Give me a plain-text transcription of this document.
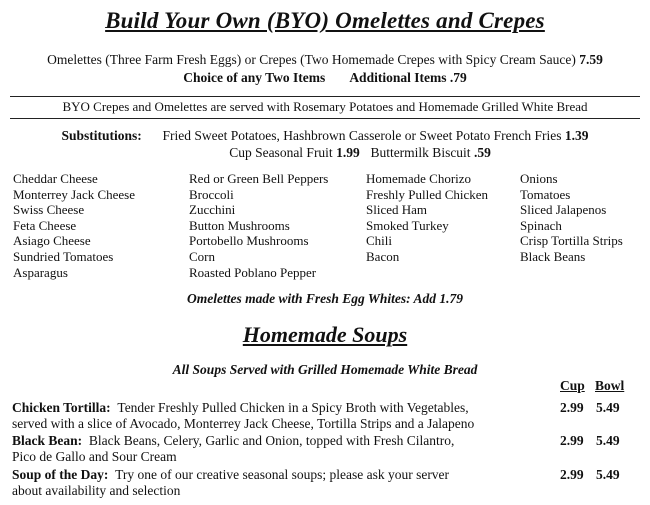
Build Your Own (BYO) Omelettes and Crepes
Omelettes (Three Farm Fresh Eggs) or Crepes (Two Homemade Crepes with Spicy Cream Sauce) 7.59
Choice of any Two Items Additional Items .79
BYO Crepes and Omelettes are served with Rosemary Potatoes and Homemade Grilled White Bread
Substitutions: Fried Sweet Potatoes, Hashbrown Casserole or Sweet Potato French Fries 1.39
Cup Seasonal Fruit 1.99 Buttermilk Biscuit .59
Cheddar Cheese
Monterrey Jack Cheese
Swiss Cheese
Feta Cheese
Asiago Cheese
Sundried Tomatoes
Asparagus
Red or Green Bell Peppers
Broccoli
Zucchini
Button Mushrooms
Portobello Mushrooms
Corn
Roasted Poblano Pepper
Homemade Chorizo
Freshly Pulled Chicken
Sliced Ham
Smoked Turkey
Chili
Bacon
Onions
Tomatoes
Sliced Jalapenos
Spinach
Crisp Tortilla Strips
Black Beans
Omelettes made with Fresh Egg Whites: Add 1.79
Homemade Soups
All Soups Served with Grilled Homemade White Bread
Cup Bowl
Chicken Tortilla: Tender Freshly Pulled Chicken in a Spicy Broth with Vegetables,
served with a slice of Avocado, Monterrey Jack Cheese, Tortilla Strips and a Jalapeno
2.99 5.49
Black Bean: Black Beans, Celery, Garlic and Onion, topped with Fresh Cilantro,
Pico de Gallo and Sour Cream
2.99 5.49
Soup of the Day: Try one of our creative seasonal soups; please ask your server
about availability and selection
2.99 5.49
